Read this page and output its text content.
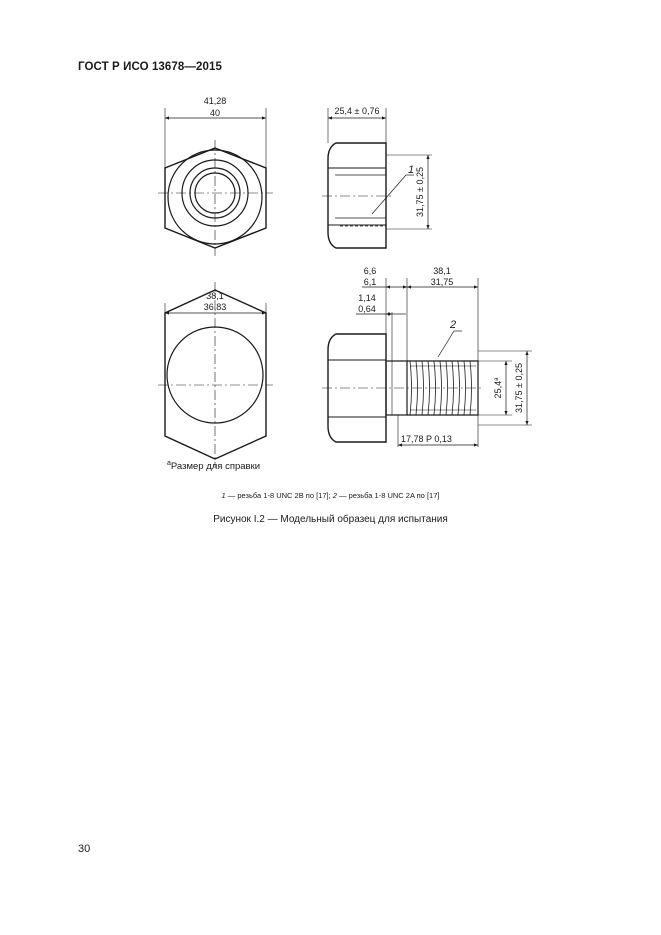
ГОСТ Р ИСО 13678—2015
41,28
40	25,4 ± 0,76
31,75 ± 0,25
1
38,1
36,83
6,6
6,1
38,1
31,75
1,14
0,64
2
25,4$^a$	31,75 ± 0,25
17,78 P 0,13
$^a$Размер для справки
1 — резьба 1-8 UNC 2B по [17]; 2 — резьба 1-8 UNC 2A по [17]
Рисунок I.2 — Модельный образец для испытания
30
